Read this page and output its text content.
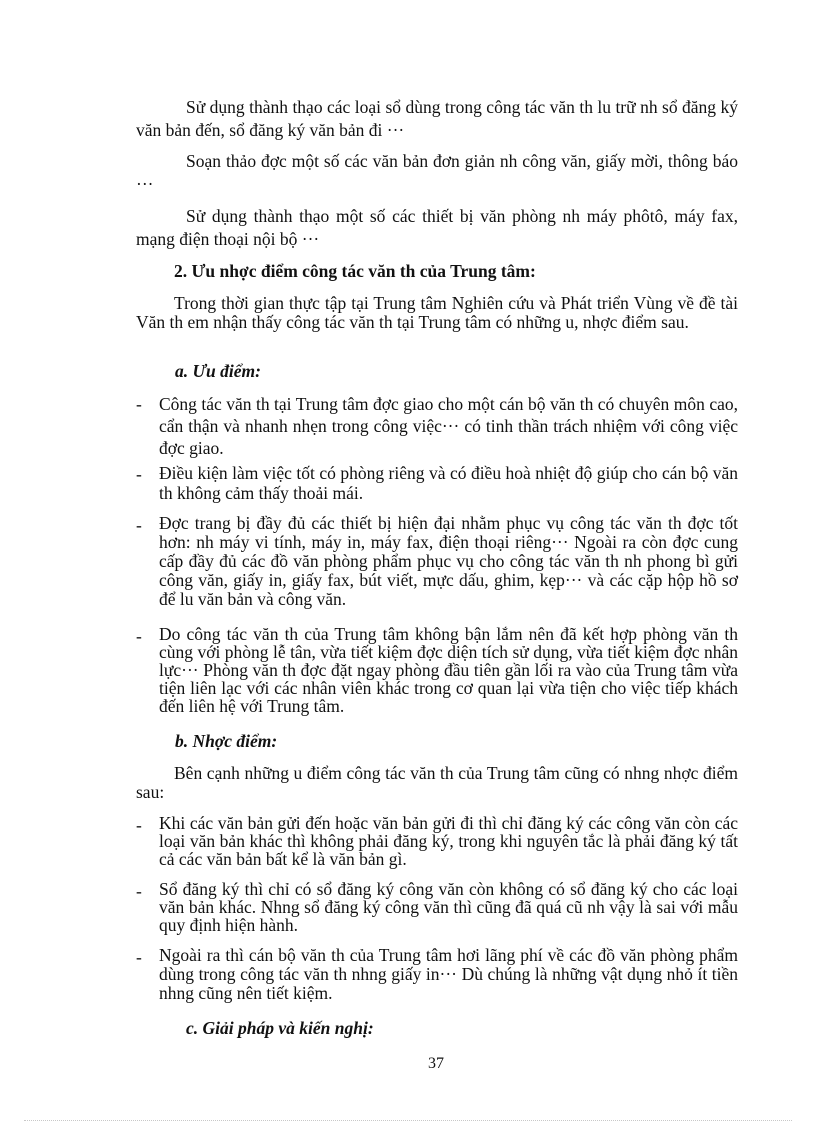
Sử dụng thành thạo các loại sổ dùng trong công tác văn th lu trữ nh sổ đăng ký văn bản đến, sổ đăng ký văn bản đi ···

Soạn thảo đợc một số các văn bản đơn giản nh công văn, giấy mời, thông báo ···

Sử dụng thành thạo một số các thiết bị văn phòng nh máy phôtô, máy fax, mạng điện thoại nội bộ ···

2. Ưu nhợc điểm công tác văn th của Trung tâm:

Trong thời gian thực tập tại Trung tâm Nghiên cứu và Phát triển Vùng về đề tài Văn th em nhận thấy công tác văn th tại Trung tâm có những u, nhợc điểm sau.

a. Ưu điểm:
- Công tác văn th tại Trung tâm đợc giao cho một cán bộ văn th có chuyên môn cao, cẩn thận và nhanh nhẹn trong công việc··· có tinh thần trách nhiệm với công việc đợc giao.
- Điều kiện làm việc tốt có phòng riêng và có điều hoà nhiệt độ giúp cho cán bộ văn th không cảm thấy thoải mái.
- Đợc trang bị đầy đủ các thiết bị hiện đại nhằm phục vụ công tác văn th đợc tốt hơn: nh máy vi tính, máy in, máy fax, điện thoại riêng··· Ngoài ra còn đợc cung cấp đầy đủ các đồ văn phòng phẩm phục vụ cho công tác văn th nh phong bì gửi công văn, giấy in, giấy fax, bút viết, mực dấu, ghim, kẹp··· và các cặp hộp hồ sơ để lu văn bản và công văn.
- Do công tác văn th của Trung tâm không bận lắm nên đã kết hợp phòng văn th cùng với phòng lễ tân, vừa tiết kiệm đợc diện tích sử dụng, vừa tiết kiệm đợc nhân lực··· Phòng văn th đợc đặt ngay phòng đầu tiên gần lối ra vào của Trung tâm vừa tiện liên lạc với các nhân viên khác trong cơ quan lại vừa tiện cho việc tiếp khách đến liên hệ với Trung tâm.
b. Nhợc điểm:

Bên cạnh những u điểm công tác văn th của Trung tâm cũng có nhng nhợc điểm sau:

- Khi các văn bản gửi đến hoặc văn bản gửi đi thì chỉ đăng ký các công văn còn các loại văn bản khác thì không phải đăng ký, trong khi nguyên tắc là phải đăng ký tất cả các văn bản bất kể là văn bản gì.
- Sổ đăng ký thì chỉ có sổ đăng ký công văn còn không có sổ đăng ký cho các loại văn bản khác. Nhng sổ đăng ký công văn thì cũng đã quá cũ nh vậy là sai với mẫu quy định hiện hành.
- Ngoài ra thì cán bộ văn th của Trung tâm hơi lãng phí về các đồ văn phòng phẩm dùng trong công tác văn th nhng giấy in··· Dù chúng là những vật dụng nhỏ ít tiền nhng cũng nên tiết kiệm.
c. Giải pháp và kiến nghị:
37
